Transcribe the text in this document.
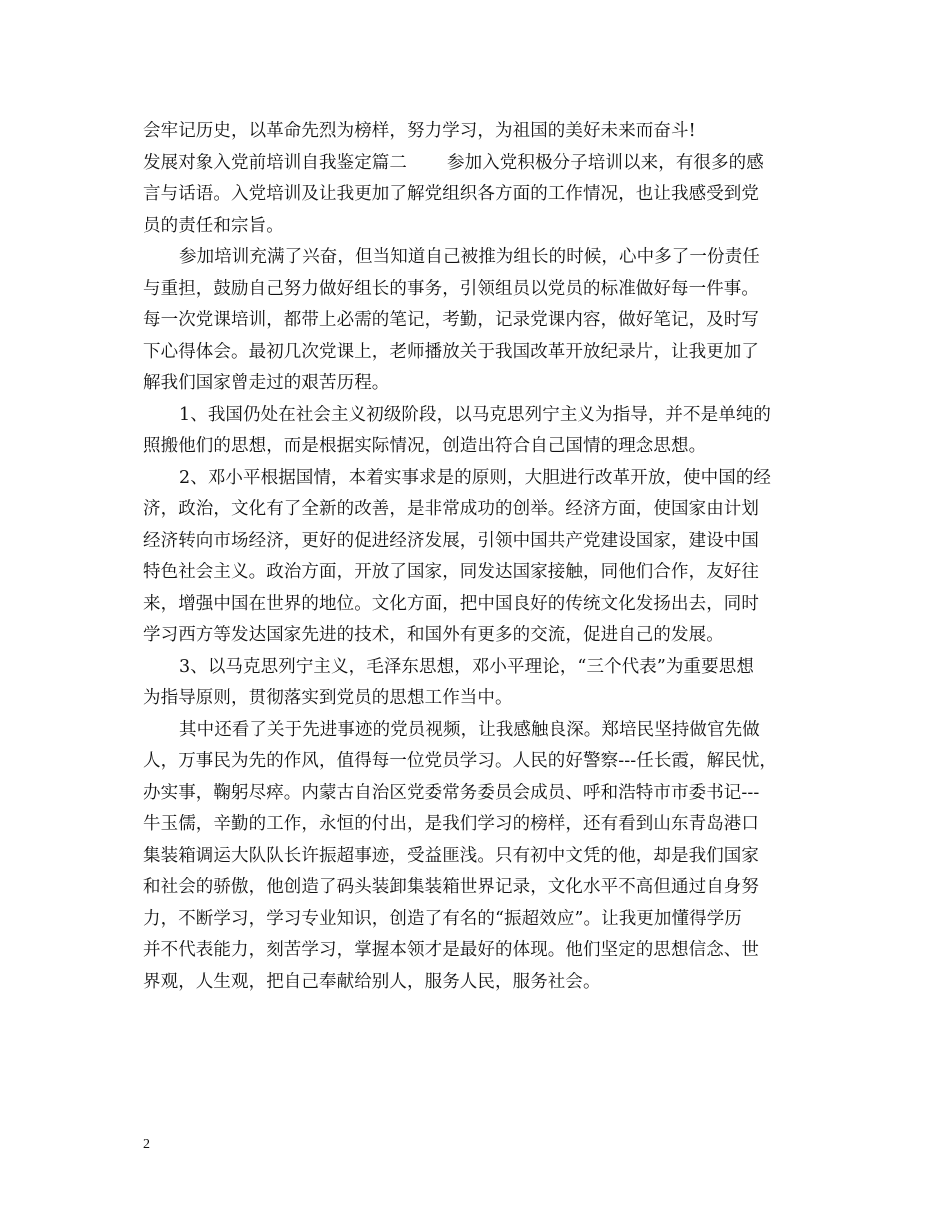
会牢记历史，以革命先烈为榜样，努力学习，为祖国的美好未来而奋斗!

发展对象入党前培训自我鉴定篇二 参加入党积极分子培训以来，有很多的感

言与话语。入党培训及让我更加了解党组织各方面的工作情况，也让我感受到党

员的责任和宗旨。

参加培训充满了兴奋，但当知道自己被推为组长的时候，心中多了一份责任

与重担，鼓励自己努力做好组长的事务，引领组员以党员的标准做好每一件事。

每一次党课培训，都带上必需的笔记，考勤，记录党课内容，做好笔记，及时写

下心得体会。最初几次党课上，老师播放关于我国改革开放纪录片，让我更加了

解我们国家曾走过的艰苦历程。

1、我国仍处在社会主义初级阶段，以马克思列宁主义为指导，并不是单纯的

照搬他们的思想，而是根据实际情况，创造出符合自己国情的理念思想。

2、邓小平根据国情，本着实事求是的原则，大胆进行改革开放，使中国的经

济，政治，文化有了全新的改善，是非常成功的创举。经济方面，使国家由计划

经济转向市场经济，更好的促进经济发展，引领中国共产党建设国家，建设中国

特色社会主义。政治方面，开放了国家，同发达国家接触，同他们合作，友好往

来，增强中国在世界的地位。文化方面，把中国良好的传统文化发扬出去，同时

学习西方等发达国家先进的技术，和国外有更多的交流，促进自己的发展。

3、以马克思列宁主义，毛泽东思想，邓小平理论，“三个代表”为重要思想

为指导原则，贯彻落实到党员的思想工作当中。

其中还看了关于先进事迹的党员视频，让我感触良深。郑培民坚持做官先做

人，万事民为先的作风，值得每一位党员学习。人民的好警察---任长霞，解民忧，

办实事，鞠躬尽瘁。内蒙古自治区党委常务委员会成员、呼和浩特市市委书记---

牛玉儒，辛勤的工作，永恒的付出，是我们学习的榜样，还有看到山东青岛港口

集装箱调运大队队长许振超事迹，受益匪浅。只有初中文凭的他，却是我们国家

和社会的骄傲，他创造了码头装卸集装箱世界记录，文化水平不高但通过自身努

力，不断学习，学习专业知识，创造了有名的“振超效应”。让我更加懂得学历

并不代表能力，刻苦学习，掌握本领才是最好的体现。他们坚定的思想信念、世

界观，人生观，把自己奉献给别人，服务人民，服务社会。

2
